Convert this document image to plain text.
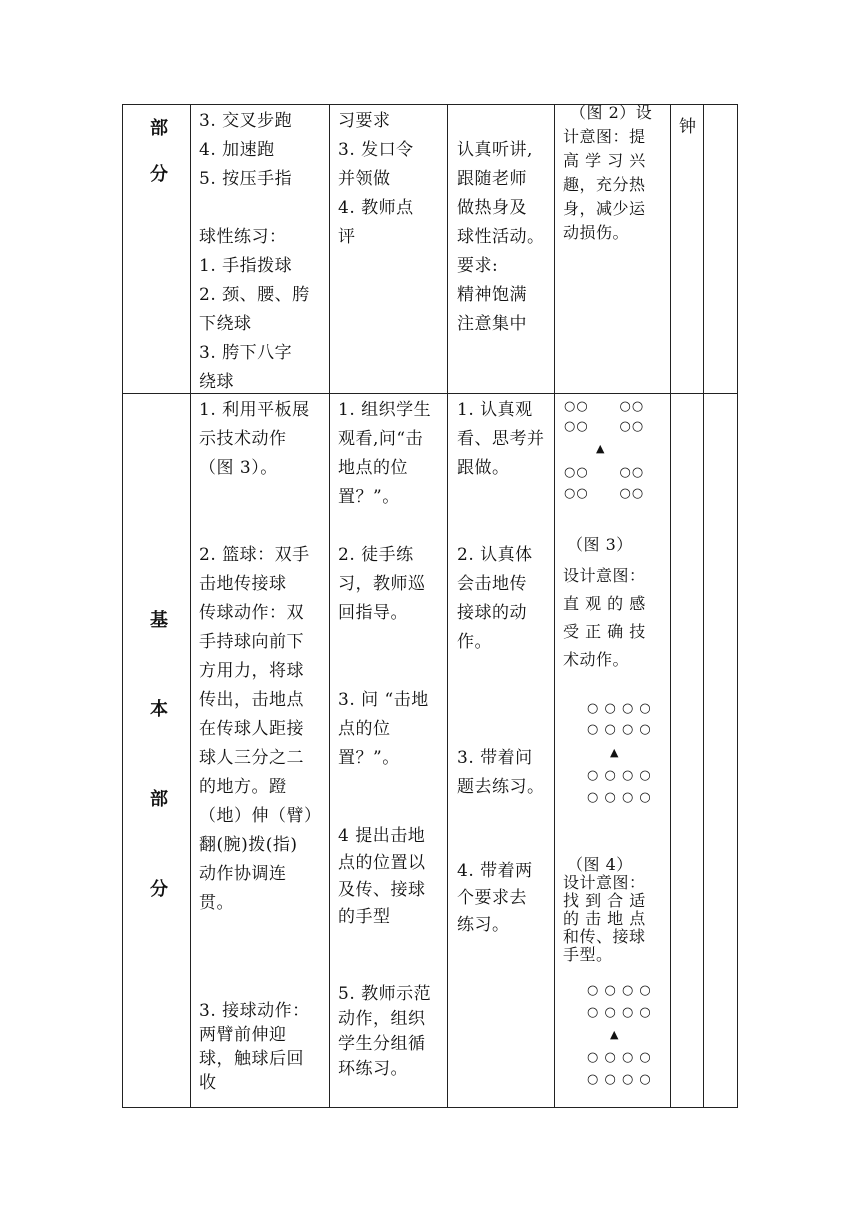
部
分
3. 交叉步跑
4. 加速跑
5. 按压手指
球性练习：
1. 手指拨球
2. 颈、腰、胯
下绕球
3. 胯下八字
绕球
习要求
3. 发口令
并领做
4. 教师点
评
认真听讲,
跟随老师
做热身及
球性活动。
要求:
精神饱满
注意集中
（图 2）设
计意图：提
高 学 习 兴
趣，充分热
身，减少运
动损伤。
钟
基
本
部
分
1. 利用平板展
示技术动作
（图 3）。
2. 篮球：双手
击地传接球
传球动作：双
手持球向前下
方用力，将球
传出，击地点
在传球人距接
球人三分之二
的地方。蹬
（地）伸（臂）
翻(腕)拨(指)
动作协调连
贯。
3. 接球动作：
两臂前伸迎
球，触球后回
收
1. 组织学生
观看,问“击
地点的位
置？”。
2. 徒手练
习，教师巡
回指导。
3. 问 “击地
点的位
置？”。
4 提出击地
点的位置以
及传、接球
的手型
5. 教师示范
动作，组织
学生分组循
环练习。
1. 认真观
看、思考并
跟做。
2. 认真体
会击地传
接球的动
作。
3. 带着问
题去练习。
4. 带着两
个要求去
练习。
○○      ○○
○○      ○○
▲
○○      ○○
○○      ○○
（图 3）
设计意图：
直 观 的 感
受 正 确 技
术动作。
○ ○ ○ ○
○ ○ ○ ○
▲
○ ○ ○ ○
○ ○ ○ ○
（图 4）
设计意图：
找 到 合 适
的 击 地 点
和传、接球
手型。
○ ○ ○ ○
○ ○ ○ ○
▲
○ ○ ○ ○
○ ○ ○ ○
